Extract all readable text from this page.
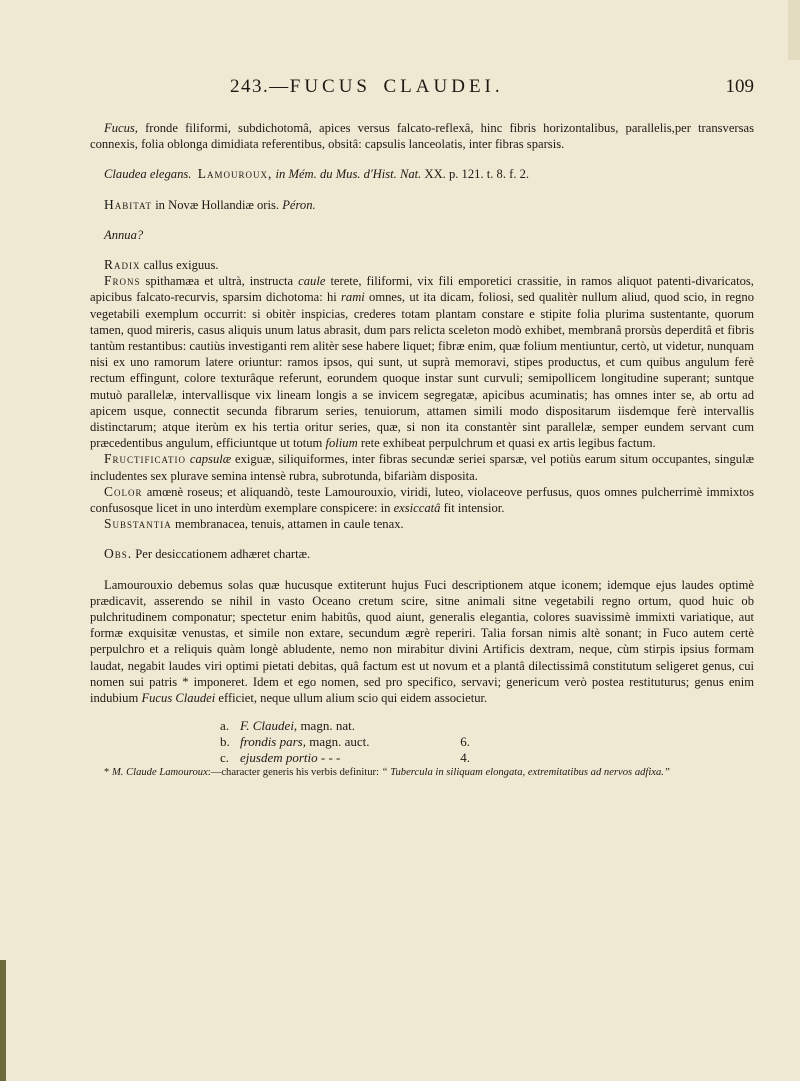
243.—FUCUS CLAUDEI.	109

Fucus, fronde filiformi, subdichotomâ, apices versus falcato-reflexâ, hinc fibris horizontalibus, parallelis,per transversas connexis, folia oblonga dimidiata referentibus, obsitâ: capsulis lanceolatis, inter fibras sparsis.

Claudea elegans. Lamouroux, in Mém. du Mus. d'Hist. Nat. XX. p. 121. t. 8. f. 2.

Habitat in Novæ Hollandiæ oris. Péron.

Annua?

Radix callus exiguus.

Frons spithamæa et ultrà, instructa caule terete, filiformi, vix fili emporetici crassitie, in ramos aliquot patenti-divaricatos, apicibus falcato-recurvis, sparsim dichotoma: hi rami omnes, ut ita dicam, foliosi, sed qualitèr nullum aliud, quod scio, in regno vegetabili exemplum occurrit: si obitèr inspicias, crederes totam plantam constare e stipite folia plurima sustentante, quorum tamen, quod mireris, casus aliquis unum latus abrasit, dum pars relicta sceleton modò exhibet, membranâ prorsùs deperditâ et fibris tantùm restantibus: cautiùs investiganti rem alitèr sese habere liquet; fibræ enim, quæ folium mentiuntur, certò, ut videtur, nunquam nisi ex uno ramorum latere oriuntur: ramos ipsos, qui sunt, ut suprà memoravi, stipes productus, et cum quibus angulum ferè rectum effingunt, colore texturâque referunt, eorundem quoque instar sunt curvuli; semipollicem longitudine superant; suntque mutuò parallelæ, intervallisque vix lineam longis a se invicem segregatæ, apicibus acuminatis; has omnes inter se, ab ortu ad apicem usque, connectit secunda fibrarum series, tenuiorum, attamen simili modo dispositarum iisdemque ferè intervallis distinctarum; atque iterùm ex his tertia oritur series, quæ, si non ita constantèr sint parallelæ, semper eundem servant cum præcedentibus angulum, efficiuntque ut totum folium rete exhibeat perpulchrum et quasi ex artis legibus factum.

Fructificatio capsulæ exiguæ, siliquiformes, inter fibras secundæ seriei sparsæ, vel potiùs earum situm occupantes, singulæ includentes sex plurave semina intensè rubra, subrotunda, bifariàm disposita.

Color amœnè roseus; et aliquandò, teste Lamourouxio, viridi, luteo, violaceove perfusus, quos omnes pulcherrimè immixtos confusosque licet in uno interdùm exemplare conspicere: in exsiccatâ fit intensior.

Substantia membranacea, tenuis, attamen in caule tenax.

Obs. Per desiccationem adhæret chartæ.

Lamourouxio debemus solas quæ hucusque extiterunt hujus Fuci descriptionem atque iconem; idemque ejus laudes optimè prædicavit, asserendo se nihil in vasto Oceano cretum scire, sitne animali sitne vegetabili regno ortum, quod huic ob pulchritudinem componatur; spectetur enim habitûs, quod aiunt, generalis elegantia, colores suavissimè immixti variatique, aut formæ exquisitæ venustas, et simile non extare, secundum ægrè reperiri. Talia forsan nimis altè sonant; in Fuco autem certè perpulchro et a reliquis quàm longè abludente, nemo non mirabitur divini Artificis dextram, neque, cùm stirpis ipsius formam laudat, negabit laudes viri optimi pietati debitas, quâ factum est ut novum et a plantâ dilectissimâ constitutum seligeret genus, cui nomen sui patris * imponeret. Idem et ego nomen, sed pro specifico, servavi; genericum verò postea restituturus; genus enim indubium Fucus Claudei efficiet, neque ullum alium scio qui eidem associetur.

a. F. Claudei, magn. nat.
b. frondis pars, magn. auct.	6.
c. ejusdem portio - - -	4.

* M. Claude Lamouroux:—character generis his verbis definitur: “ Tubercula in siliquam elongata, extremitatibus ad nervos adfixa.”
